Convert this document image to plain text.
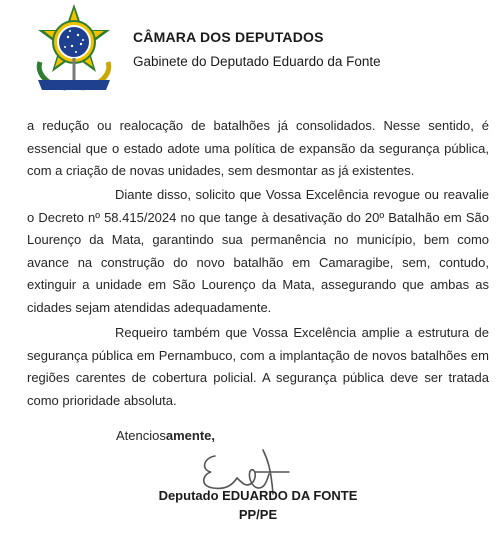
CÂMARA DOS DEPUTADOS
Gabinete do Deputado Eduardo da Fonte

a redução ou realocação de batalhões já consolidados. Nesse sentido, é essencial que o estado adote uma política de expansão da segurança pública, com a criação de novas unidades, sem desmontar as já existentes.

Diante disso, solicito que Vossa Excelência revogue ou reavalie o Decreto nº 58.415/2024 no que tange à desativação do 20º Batalhão em São Lourenço da Mata, garantindo sua permanência no município, bem como avance na construção do novo batalhão em Camaragibe, sem, contudo, extinguir a unidade em São Lourenço da Mata, assegurando que ambas as cidades sejam atendidas adequadamente.

Requeiro também que Vossa Excelência amplie a estrutura de segurança pública em Pernambuco, com a implantação de novos batalhões em regiões carentes de cobertura policial. A segurança pública deve ser tratada como prioridade absoluta.

Atenciosamente,
Deputado EDUARDO DA FONTE
PP/PE
